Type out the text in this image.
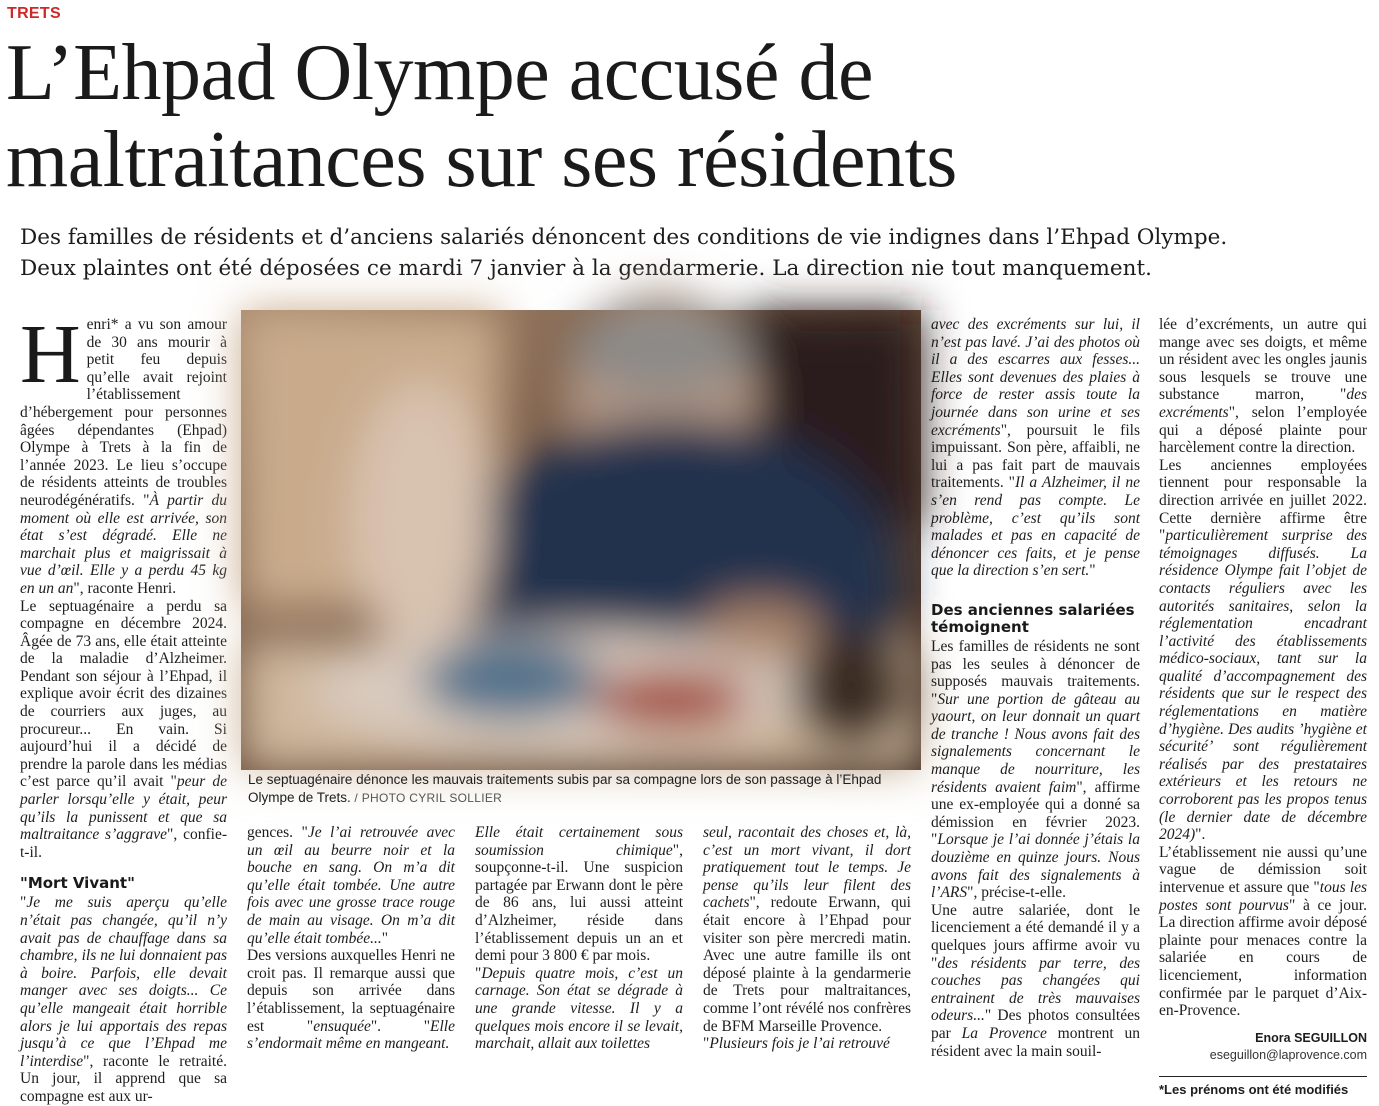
TRETS
L’Ehpad Olympe accusé de
maltraitances sur ses résidents
Des familles de résidents et d’anciens salariés dénoncent des conditions de vie indignes dans l’Ehpad Olympe.
Deux plaintes ont été déposées ce mardi 7 janvier à la gendarmerie. La direction nie tout manquement.

Henri* a vu son amour de 30 ans mourir à petit feu depuis qu’elle avait rejoint l’établissement d’hébergement pour personnes âgées dépendantes (Ehpad) Olympe à Trets à la fin de l’année 2023. Le lieu s’occupe de résidents atteints de troubles neurodégénératifs. "À partir du moment où elle est arrivée, son état s’est dégradé. Elle ne marchait plus et maigrissait à vue d’œil. Elle y a perdu 45 kg en un an", raconte Henri.

Le septuagénaire a perdu sa compagne en décembre 2024. Âgée de 73 ans, elle était atteinte de la maladie d’Alzheimer. Pendant son séjour à l’Ehpad, il explique avoir écrit des dizaines de courriers aux juges, au procureur... En vain. Si aujourd’hui il a décidé de prendre la parole dans les médias c’est parce qu’il avait "peur de parler lorsqu’elle y était, peur qu’ils la punissent et que sa maltraitance s’aggrave", confie-t-il.

"Mort Vivant"

"Je me suis aperçu qu’elle n’était pas changée, qu’il n’y avait pas de chauffage dans sa chambre, ils ne lui donnaient pas à boire. Parfois, elle devait manger avec ses doigts... Ce qu’elle mangeait était horrible alors je lui apportais des repas jusqu’à ce que l’Ehpad me l’interdise", raconte le retraité. Un jour, il apprend que sa compagne est aux ur-

Le septuagénaire dénonce les mauvais traitements subis par sa compagne lors de son passage à l’Ehpad Olympe de Trets. / PHOTO CYRIL SOLLIER

gences. "Je l’ai retrouvée avec un œil au beurre noir et la bouche en sang. On m’a dit qu’elle était tombée. Une autre fois avec une grosse trace rouge de main au visage. On m’a dit qu’elle était tombée..."

Des versions auxquelles Henri ne croit pas. Il remarque aussi que depuis son arrivée dans l’établissement, la septuagénaire est "ensuquée". "Elle s’endormait même en mangeant.

Elle était certainement sous soumission chimique", soupçonne-t-il. Une suspicion partagée par Erwann dont le père de 86 ans, lui aussi atteint d’Alzheimer, réside dans l’établissement depuis un an et demi pour 3 800 € par mois.

"Depuis quatre mois, c’est un carnage. Son état se dégrade à une grande vitesse. Il y a quelques mois encore il se levait, marchait, allait aux toilettes

seul, racontait des choses et, là, c’est un mort vivant, il dort pratiquement tout le temps. Je pense qu’ils leur filent des cachets", redoute Erwann, qui était encore à l’Ehpad pour visiter son père mercredi matin. Avec une autre famille ils ont déposé plainte à la gendarmerie de Trets pour maltraitances, comme l’ont révélé nos confrères de BFM Marseille Provence.

"Plusieurs fois je l’ai retrouvé

avec des excréments sur lui, il n’est pas lavé. J’ai des photos où il a des escarres aux fesses... Elles sont devenues des plaies à force de rester assis toute la journée dans son urine et ses excréments", poursuit le fils impuissant. Son père, affaibli, ne lui a pas fait part de mauvais traitements. "Il a Alzheimer, il ne s’en rend pas compte. Le problème, c’est qu’ils sont malades et pas en capacité de dénoncer ces faits, et je pense que la direction s’en sert."

Des anciennes salariées témoignent

Les familles de résidents ne sont pas les seules à dénoncer de supposés mauvais traitements. "Sur une portion de gâteau au yaourt, on leur donnait un quart de tranche ! Nous avons fait des signalements concernant le manque de nourriture, les résidents avaient faim", affirme une ex-employée qui a donné sa démission en février 2023. "Lorsque je l’ai donnée j’étais la douzième en quinze jours. Nous avons fait des signalements à l’ARS", précise-t-elle.

Une autre salariée, dont le licenciement a été demandé il y a quelques jours affirme avoir vu "des résidents par terre, des couches pas changées qui entrainent de très mauvaises odeurs..." Des photos consultées par La Provence montrent un résident avec la main souil-

lée d’excréments, un autre qui mange avec ses doigts, et même un résident avec les ongles jaunis sous lesquels se trouve une substance marron, "des excréments", selon l’employée qui a déposé plainte pour harcèlement contre la direction.

Les anciennes employées tiennent pour responsable la direction arrivée en juillet 2022. Cette dernière affirme être "particulièrement surprise des témoignages diffusés. La résidence Olympe fait l’objet de contacts réguliers avec les autorités sanitaires, selon la réglementation encadrant l’activité des établissements médico-sociaux, tant sur la qualité d’accompagnement des résidents que sur le respect des réglementations en matière d’hygiène. Des audits ’hygiène et sécurité’ sont régulièrement réalisés par des prestataires extérieurs et les retours ne corroborent pas les propos tenus (le dernier date de décembre 2024)".

L’établissement nie aussi qu’une vague de démission soit intervenue et assure que "tous les postes sont pourvus" à ce jour. La direction affirme avoir déposé plainte pour menaces contre la salariée en cours de licenciement, information confirmée par le parquet d’Aix-en-Provence.

Enora SEGUILLON
eseguillon@laprovence.com
*Les prénoms ont été modifiés
